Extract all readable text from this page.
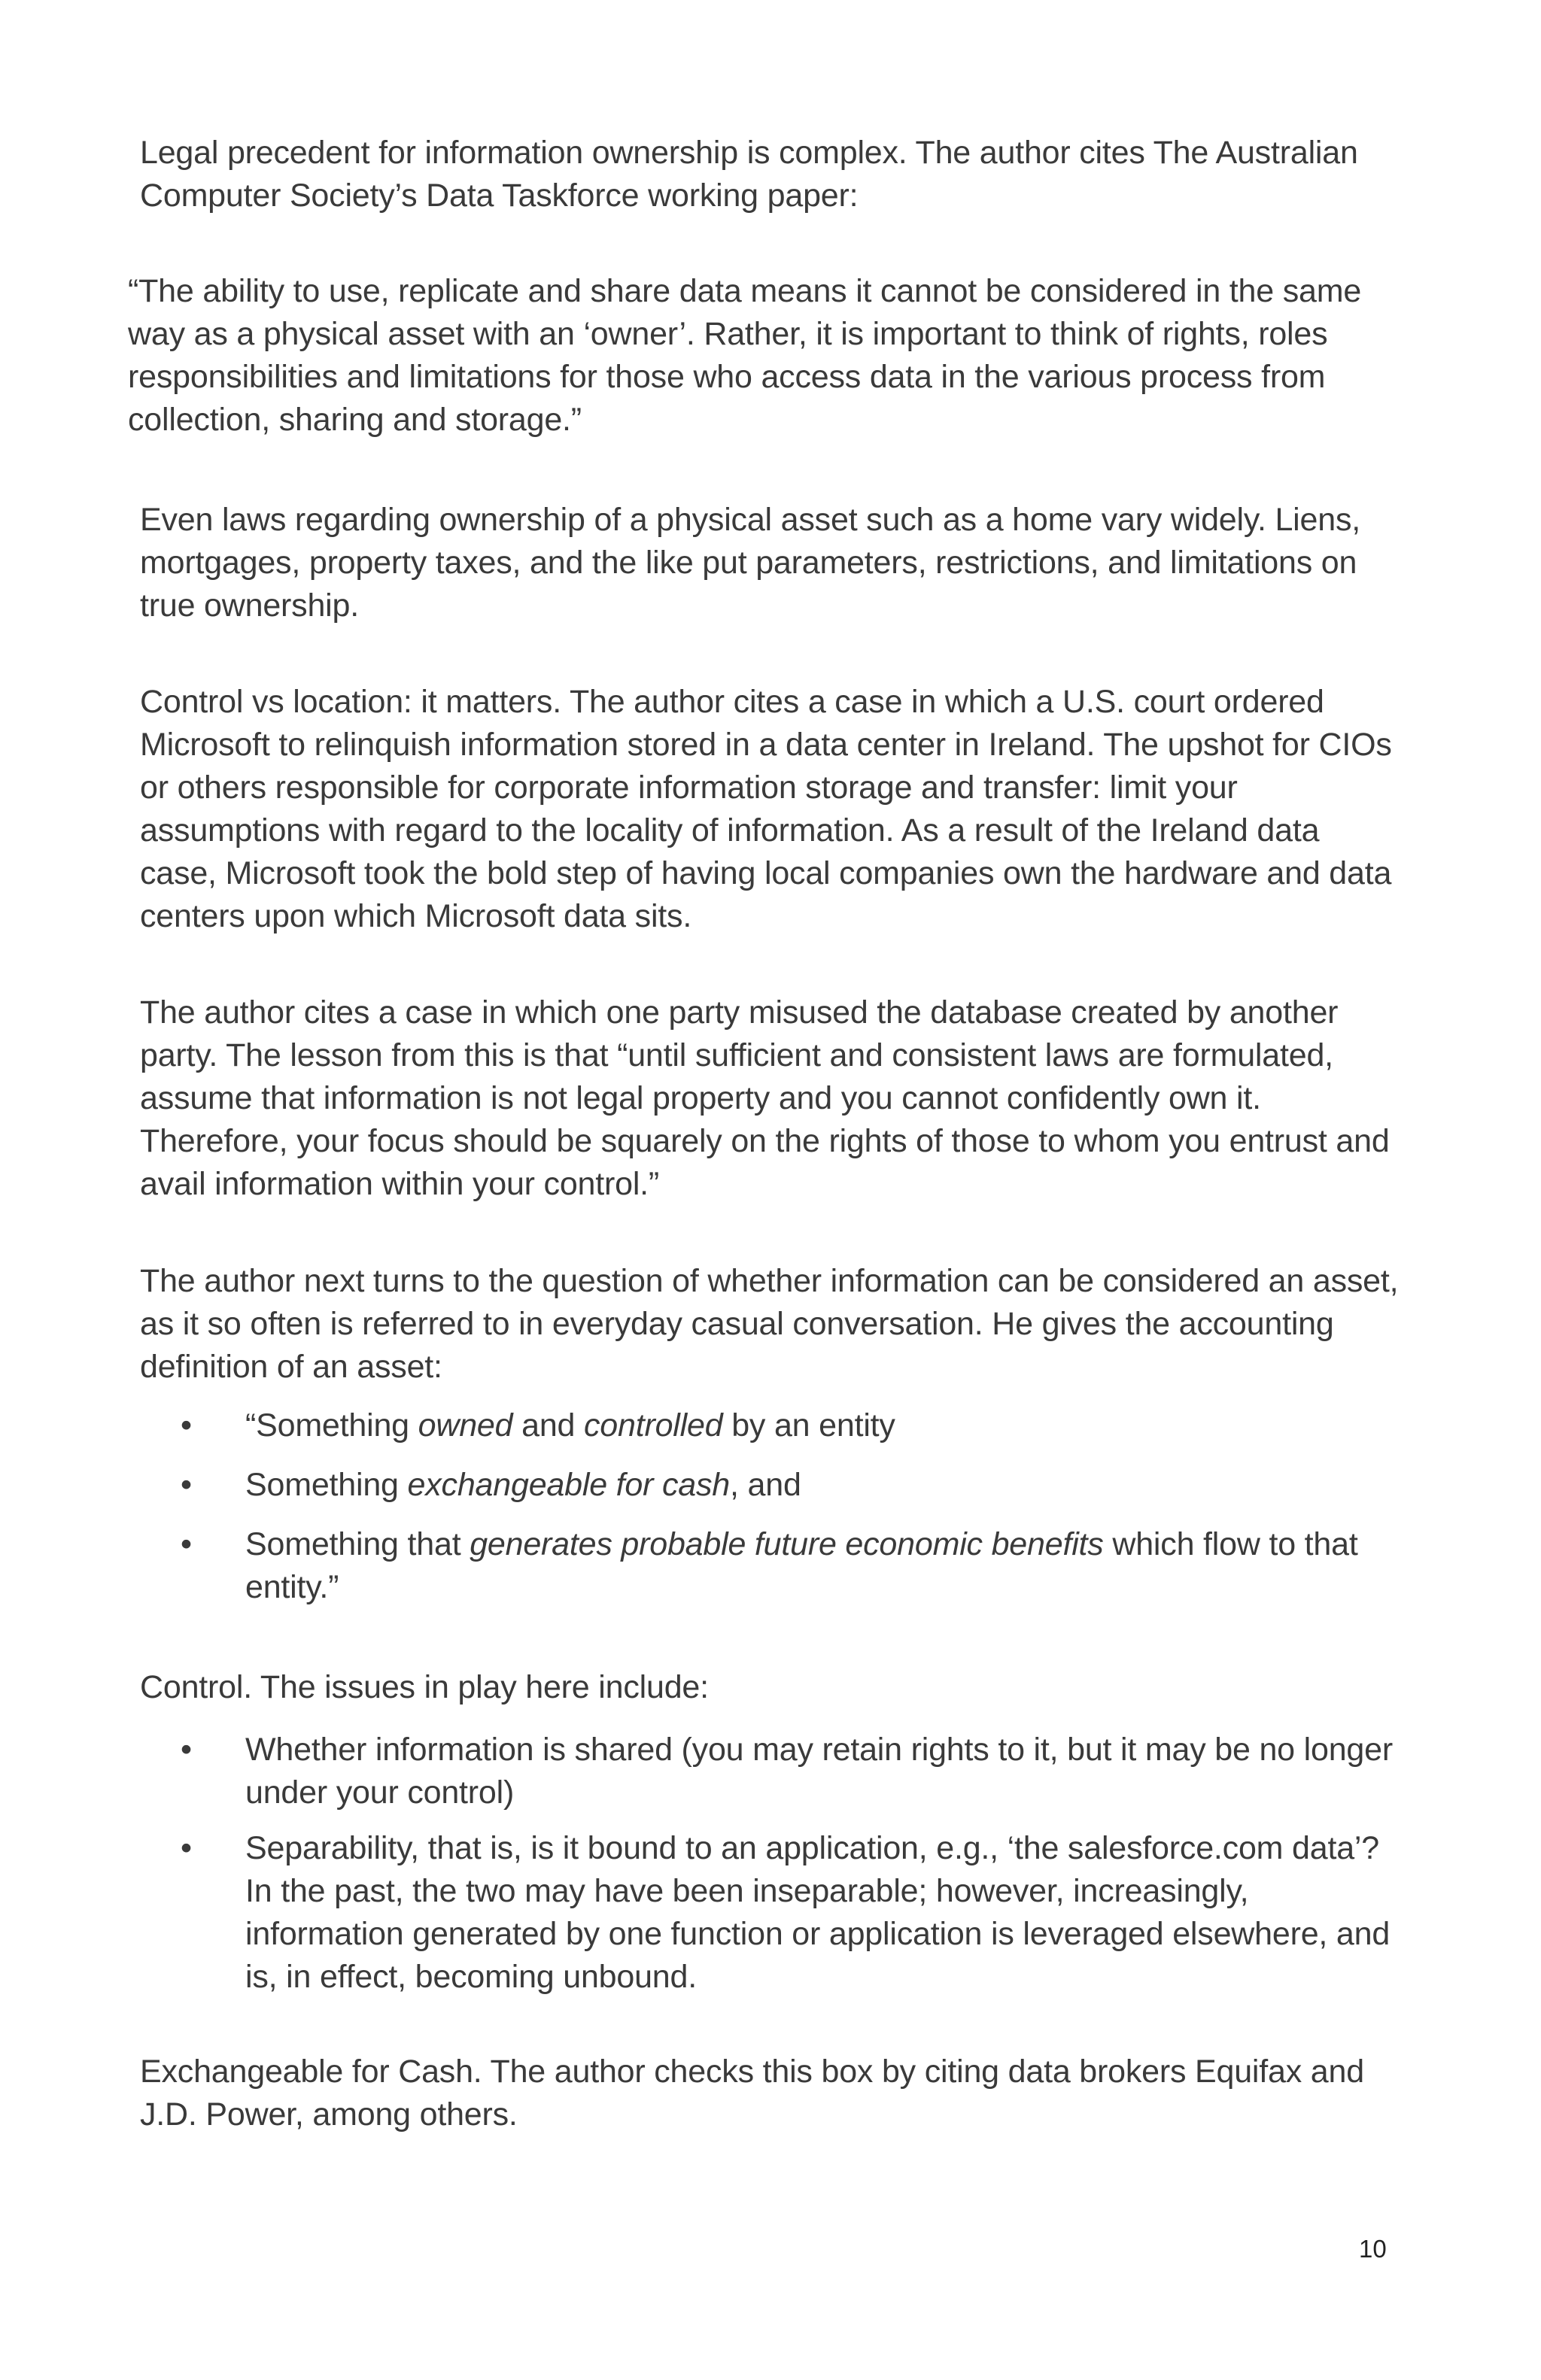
Legal precedent for information ownership is complex. The author cites The Australian Computer Society’s Data Taskforce working paper:

“The ability to use, replicate and share data means it cannot be considered in the same way as a physical asset with an ‘owner’. Rather, it is important to think of rights, roles responsibilities and limitations for those who access data in the various process from collection, sharing and storage.”

Even laws regarding ownership of a physical asset such as a home vary widely. Liens, mortgages, property taxes, and the like put parameters, restrictions, and limitations on true ownership.

Control vs location: it matters. The author cites a case in which a U.S. court ordered Microsoft to relinquish information stored in a data center in Ireland. The upshot for CIOs or others responsible for corporate information storage and transfer: limit your assumptions with regard to the locality of information. As a result of the Ireland data case, Microsoft took the bold step of having local companies own the hardware and data centers upon which Microsoft data sits.

The author cites a case in which one party misused the database created by another party. The lesson from this is that “until sufficient and consistent laws are formulated, assume that information is not legal property and you cannot confidently own it. Therefore, your focus should be squarely on the rights of those to whom you entrust and avail information within your control.”

The author next turns to the question of whether information can be considered an asset, as it so often is referred to in everyday casual conversation. He gives the accounting definition of an asset:

• “Something owned and controlled by an entity
• Something exchangeable for cash, and
• Something that generates probable future economic benefits which flow to that entity.”

Control. The issues in play here include:

• Whether information is shared (you may retain rights to it, but it may be no longer under your control)
• Separability, that is, is it bound to an application, e.g., ‘the salesforce.com data’? In the past, the two may have been inseparable; however, increasingly, information generated by one function or application is leveraged elsewhere, and is, in effect, becoming unbound.

Exchangeable for Cash. The author checks this box by citing data brokers Equifax and J.D. Power, among others.

10
